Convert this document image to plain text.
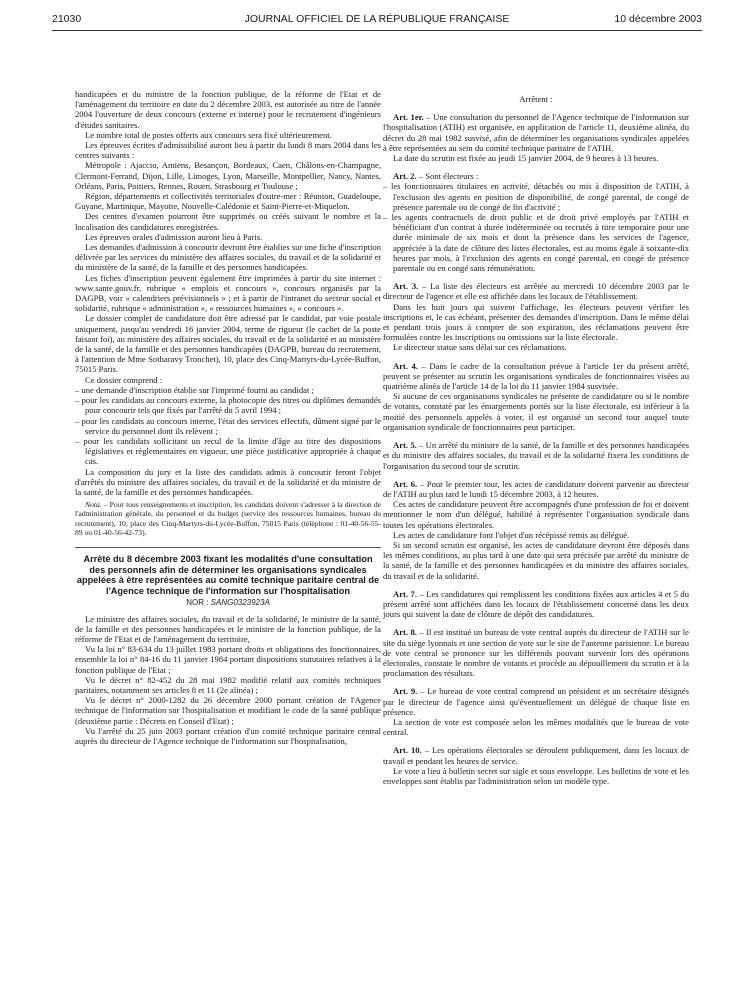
21030	JOURNAL OFFICIEL DE LA RÉPUBLIQUE FRANÇAISE	10 décembre 2003

handicapées et du ministre de la fonction publique, de la réforme de l'Etat et de l'aménagement du territoire en date du 2 décembre 2003, est autorisée au titre de l'année 2004 l'ouverture de deux concours (externe et interne) pour le recrutement d'ingénieurs d'études sanitaires.

Le nombre total de postes offerts aux concours sera fixé ultérieurement.

Les épreuves écrites d'admissibilité auront lieu à partir du lundi 8 mars 2004 dans les centres suivants :

Métropole : Ajaccio, Amiens, Besançon, Bordeaux, Caen, Châlons-en-Champagne, Clermont-Ferrand, Dijon, Lille, Limoges, Lyon, Marseille, Montpellier, Nancy, Nantes, Orléans, Paris, Poitiers, Rennes, Rouen, Strasbourg et Toulouse ;

Région, départements et collectivités territoriales d'outre-mer : Réunion, Guadeloupe, Guyane, Martinique, Mayotte, Nouvelle-Calédonie et Saint-Pierre-et-Miquelon.

Des centres d'examen pourront être supprimés ou créés suivant le nombre et la localisation des candidatures enregistrées.

Les épreuves orales d'admission auront lieu à Paris.

Les demandes d'admission à concourir devront être établies sur une fiche d'inscription délivrée par les services du ministère des affaires sociales, du travail et de la solidarité et du ministère de la santé, de la famille et des personnes handicapées.

Les fiches d'inscription peuvent également être imprimées à partir du site internet : www.sante.gouv.fr, rubrique « emplois et concours », concours organisés par la DAGPB, voir « calendriers prévisionnels » ; et à partir de l'intranet du secteur social et solidarité, rubrique « administration », « ressources humaines », « concours ».

Le dossier complet de candidature doit être adressé par le candidat, par voie postale uniquement, jusqu'au vendredi 16 janvier 2004, terme de rigueur (le cachet de la poste faisant foi), au ministère des affaires sociales, du travail et de la solidarité et au ministère de la santé, de la famille et des personnes handicapées (DAGPB, bureau du recrutement, à l'attention de Mme Sotharavy Tronchet), 10, place des Cinq-Martyrs-du-Lycée-Buffon, 75015 Paris.

Ce dossier comprend :

– une demande d'inscription établie sur l'imprimé fourni au candidat ;

– pour les candidats au concours externe, la photocopie des titres ou diplômes demandés pour concourir tels que fixés par l'arrêté du 5 avril 1994 ;

– pour les candidats au concours interne, l'état des services effectifs, dûment signé par le service du personnel dont ils relèvent ;

– pour les candidats sollicitant un recul de la limite d'âge au titre des dispositions législatives et réglementaires en vigueur, une pièce justificative appropriée à chaque cas.

La composition du jury et la liste des candidats admis à concourir feront l'objet d'arrêtés du ministre des affaires sociales, du travail et de la solidarité et du ministre de la santé, de la famille et des personnes handicapées.

Nota. – Pour tous renseignements et inscription, les candidats doivent s'adresser à la direction de l'administration générale, du personnel et du budget (service des ressources humaines, bureau du recrutement), 10, place des Cinq-Martyrs-du-Lycée-Buffon, 75015 Paris (téléphone : 01-40-56-55-89 ou 01-40-56-42-73).

Arrêté du 8 décembre 2003 fixant les modalités d'une consultation des personnels afin de déterminer les organisations syndicales appelées à être représentées au comité technique paritaire central de l'Agence technique de l'information sur l'hospitalisation

NOR : SANG0323923A

Le ministre des affaires sociales, du travail et de la solidarité, le ministre de la santé, de la famille et des personnes handicapées et le ministre de la fonction publique, de la réforme de l'Etat et de l'aménagement du territoire,

Vu la loi n° 83-634 du 13 juillet 1983 portant droits et obligations des fonctionnaires, ensemble la loi n° 84-16 du 11 janvier 1984 portant dispositions statutaires relatives à la fonction publique de l'Etat ;

Vu le décret n° 82-452 du 28 mai 1982 modifié relatif aux comités techniques paritaires, notamment ses articles 8 et 11 (2e alinéa) ;

Vu le décret n° 2000-1282 du 26 décembre 2000 portant création de l'Agence technique de l'information sur l'hospitalisation et modifiant le code de la santé publique (deuxième partie : Décrets en Conseil d'Etat) ;

Vu l'arrêté du 25 juin 2003 portant création d'un comité technique paritaire central auprès du directeur de l'Agence technique de l'information sur l'hospitalisation,

Arrêtent :

Art. 1er. – Une consultation du personnel de l'Agence technique de l'information sur l'hospitalisation (ATIH) est organisée, en application de l'article 11, deuxième alinéa, du décret du 28 mai 1982 susvisé, afin de déterminer les organisations syndicales appelées à être représentées au sein du comité technique paritaire de l'ATIH.

La date du scrutin est fixée au jeudi 15 janvier 2004, de 9 heures à 13 heures.

Art. 2. – Sont électeurs :

– les fonctionnaires titulaires en activité, détachés ou mis à disposition de l'ATIH, à l'exclusion des agents en position de disponibilité, de congé parental, de congé de présence parentale ou de congé de fin d'activité ;

– les agents contractuels de droit public et de droit privé employés par l'ATIH et bénéficiant d'un contrat à durée indéterminée ou recrutés à titre temporaire pour une durée minimale de six mois et dont la présence dans les services de l'agence, appréciée à la date de clôture des listes électorales, est au moins égale à soixante-dix heures par mois, à l'exclusion des agents en congé parental, en congé de présence parentale ou en congé sans rémunération.

Art. 3. – La liste des électeurs est arrêtée au mercredi 10 décembre 2003 par le directeur de l'agence et elle est affichée dans les locaux de l'établissement.

Dans les huit jours qui suivent l'affichage, les électeurs peuvent vérifier les inscriptions et, le cas échéant, présenter des demandes d'inscription. Dans le même délai et pendant trois jours à compter de son expiration, des réclamations peuvent être formulées contre les inscriptions ou omissions sur la liste électorale.

Le directeur statue sans délai sur ces réclamations.

Art. 4. – Dans le cadre de la consultation prévue à l'article 1er du présent arrêté, peuvent se présenter au scrutin les organisations syndicales de fonctionnaires visées au quatrième alinéa de l'article 14 de la loi du 11 janvier 1984 susvisée.

Si aucune de ces organisations syndicales ne présente de candidature ou si le nombre de votants, constaté par les émargements portés sur la liste électorale, est inférieur à la moitié des personnels appelés à voter, il est organisé un second tour auquel toute organisation syndicale de fonctionnaires peut participer.

Art. 5. – Un arrêté du ministre de la santé, de la famille et des personnes handicapées et du ministre des affaires sociales, du travail et de la solidarité fixera les conditions de l'organisation du second tour de scrutin.

Art. 6. – Pour le premier tour, les actes de candidature doivent parvenir au directeur de l'ATIH au plus tard le lundi 15 décembre 2003, à 12 heures.

Ces actes de candidature peuvent être accompagnés d'une profession de foi et doivent mentionner le nom d'un délégué, habilité à représenter l'organisation syndicale dans toutes les opérations électorales.

Les actes de candidature font l'objet d'un récépissé remis au délégué.

Si un second scrutin est organisé, les actes de candidature devront être déposés dans les mêmes conditions, au plus tard à une date qui sera précisée par arrêté du ministre de la santé, de la famille et des personnes handicapées et du ministre des affaires sociales, du travail et de la solidarité.

Art. 7. – Les candidatures qui remplissent les conditions fixées aux articles 4 et 5 du présent arrêté sont affichées dans les locaux de l'établissement concerné dans les deux jours qui suivent la date de clôture de dépôt des candidatures.

Art. 8. – Il est institué un bureau de vote central auprès du directeur de l'ATIH sur le site du siège lyonnais et une section de vote sur le site de l'antenne parisienne. Le bureau de vote central se prononce sur les différends pouvant survenir lors des opérations électorales, constate le nombre de votants et procède au dépouillement du scrutin et à la proclamation des résultats.

Art. 9. – Le bureau de vote central comprend un président et un secrétaire désignés par le directeur de l'agence ainsi qu'éventuellement un délégué de chaque liste en présence.

La section de vote est composée selon les mêmes modalités que le bureau de vote central.

Art. 10. – Les opérations électorales se déroulent publiquement, dans les locaux de travail et pendant les heures de service.

Le vote a lieu à bulletin secret sur sigle et sous enveloppe. Les bulletins de vote et les enveloppes sont établis par l'administration selon un modèle type.
